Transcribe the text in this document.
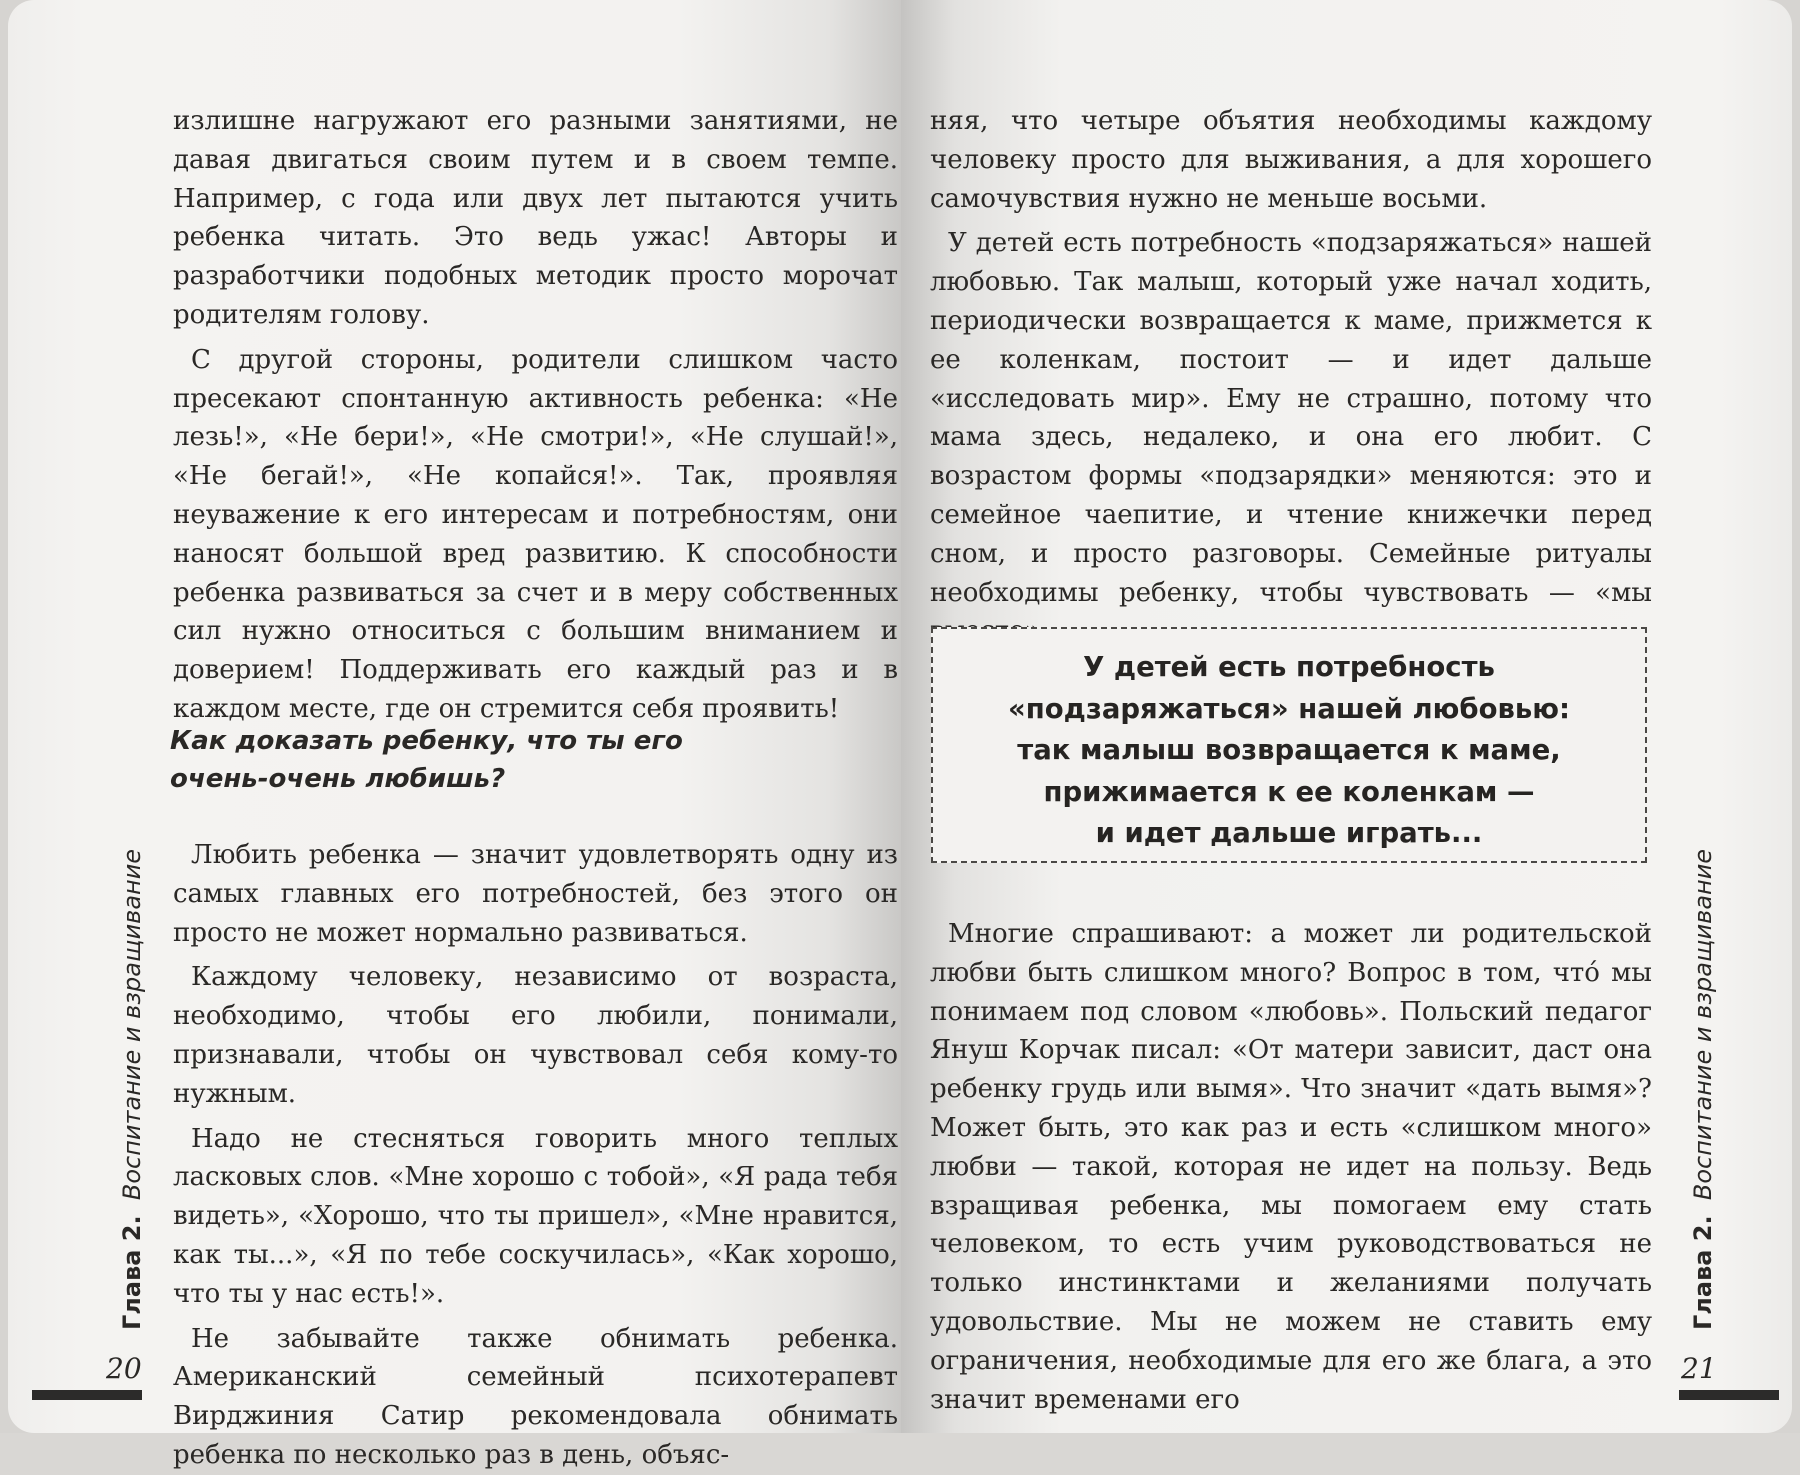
излишне нагружают его разными занятиями, не давая двигаться своим путем и в своем темпе. Например, с года или двух лет пытаются учить ребенка читать. Это ведь ужас! Авторы и разработчики подобных методик просто морочат родителям голову.

С другой стороны, родители слишком часто пресекают спонтанную активность ребенка: «Не лезь!», «Не бери!», «Не смотри!», «Не слушай!», «Не бегай!», «Не копайся!». Так, проявляя неуважение к его интересам и потребностям, они наносят большой вред развитию. К способности ребенка развиваться за счет и в меру собственных сил нужно относиться с большим вниманием и доверием! Поддерживать его каждый раз и в каждом месте, где он стремится себя проявить!

Как доказать ребенку, что ты его
очень-очень любишь?

Любить ребенка — значит удовлетворять одну из самых главных его потребностей, без этого он просто не может нормально развиваться.

Каждому человеку, независимо от возраста, необходимо, чтобы его любили, понимали, признавали, чтобы он чувствовал себя кому-то нужным.

Надо не стесняться говорить много теплых ласковых слов. «Мне хорошо с тобой», «Я рада тебя видеть», «Хорошо, что ты пришел», «Мне нравится, как ты...», «Я по тебе соскучилась», «Как хорошо, что ты у нас есть!».

Не забывайте также обнимать ребенка. Американский семейный психотерапевт Вирджиния Сатир рекомендовала обнимать ребенка по несколько раз в день, объяс-

Глава 2.  Воспитание и взращивание
20

няя, что четыре объятия необходимы каждому человеку просто для выживания, а для хорошего самочувствия нужно не меньше восьми.

У детей есть потребность «подзаряжаться» нашей любовью. Так малыш, который уже начал ходить, периодически возвращается к маме, прижмется к ее коленкам, постоит — и идет дальше «исследовать мир». Ему не страшно, потому что мама здесь, недалеко, и она его любит. С возрастом формы «подзарядки» меняются: это и семейное чаепитие, и чтение книжечки перед сном, и просто разговоры. Семейные ритуалы необходимы ребенку, чтобы чувствовать — «мы

У детей есть потребность
«подзаряжаться» нашей любовью:
так малыш возвращается к маме,
прижимается к ее коленкам —
и идет дальше играть...

Многие спрашивают: а может ли родительской любви быть слишком много? Вопрос в том, чтó мы понимаем под словом «любовь». Польский педагог Януш Корчак писал: «От матери зависит, даст она ребенку грудь или вымя». Что значит «дать вымя»? Может быть, это как раз и есть «слишком много» любви — такой, которая не идет на пользу. Ведь взращивая ребенка, мы помогаем ему стать человеком, то есть учим руководствоваться не только инстинктами и желаниями получать удовольствие. Мы не можем не ставить ему ограничения, необходимые для его же блага, а это значит временами его

Глава 2.  Воспитание и взращивание
21
